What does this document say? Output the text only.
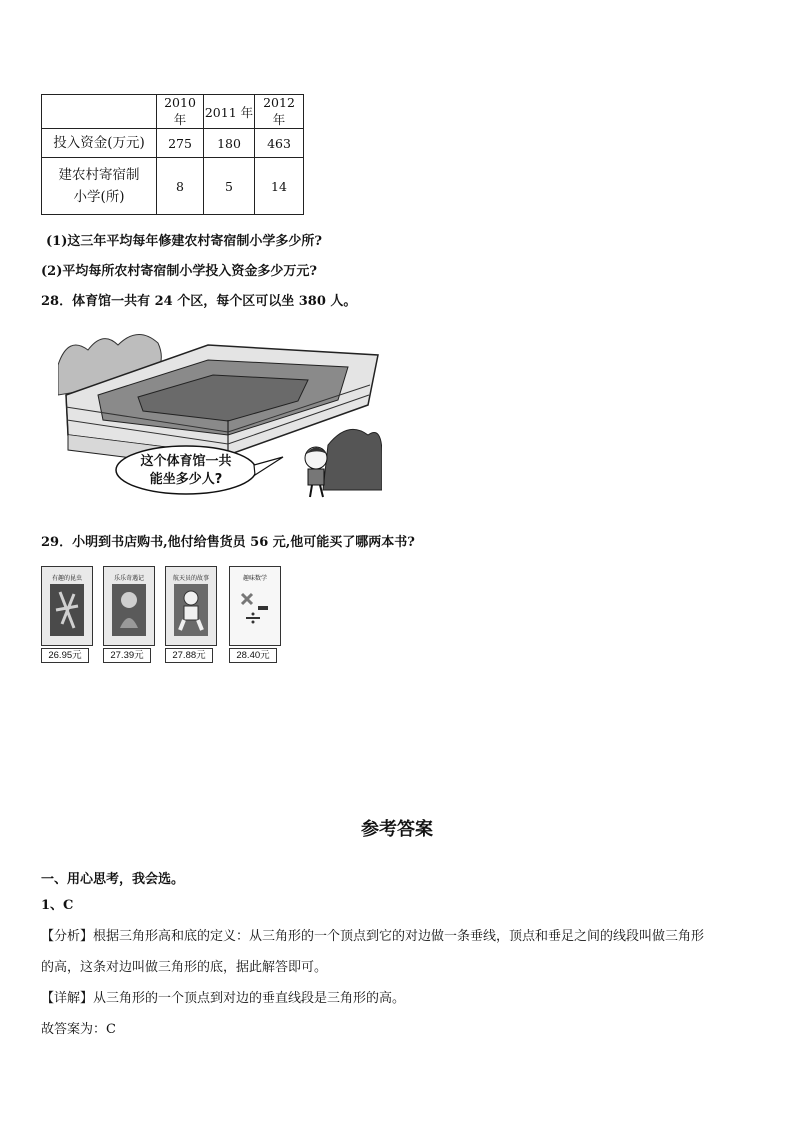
	2010 年	2011 年	2012 年
投入资金(万元)	275	180	463

建农村寄宿制
小学(所)	8	5	14
(1)这三年平均每年修建农村寄宿制小学多少所?
(2)平均每所农村寄宿制小学投入资金多少万元?
28．体育馆一共有 24 个区，每个区可以坐 380 人。
这个体育馆一共
能坐多少人?
29．小明到书店购书,他付给售货员 56 元,他可能买了哪两本书?
有趣的昆虫
26.95元
乐乐奇遇记
27.39元
航天员的故事
27.88元
趣味数学
28.40元
参考答案
一、用心思考，我会选。
1、C
【分析】根据三角形高和底的定义：从三角形的一个顶点到它的对边做一条垂线，顶点和垂足之间的线段叫做三角形
的高，这条对边叫做三角形的底，据此解答即可。
【详解】从三角形的一个顶点到对边的垂直线段是三角形的高。
故答案为：C
